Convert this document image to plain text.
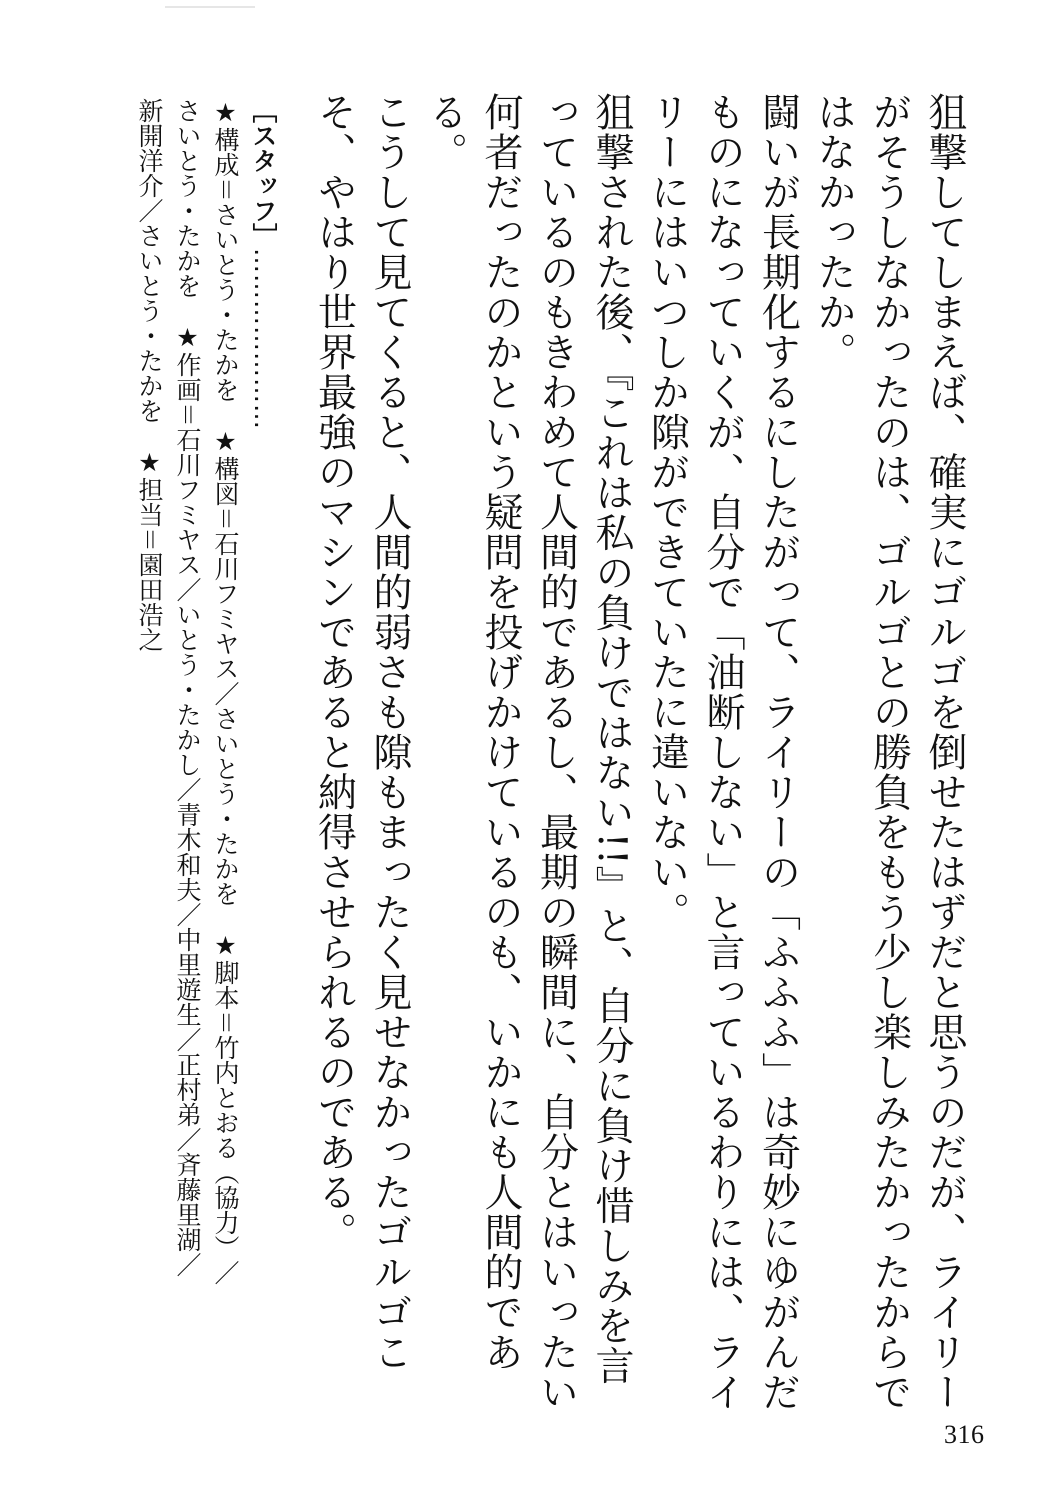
狙撃してしまえば、確実にゴルゴを倒せたはずだと思うのだが、ライリーがそうしなかったのは、ゴルゴとの勝負をもう少し楽しみたかったからではなかったか。

闘いが長期化するにしたがって、ライリーの「ふふふ」は奇妙にゆがんだものになっていくが、自分で「油断しない」と言っているわりには、ライリーにはいつしか隙ができていたに違いない。

狙撃された後、『これは私の負けではない!!』と、自分に負け惜しみを言っているのもきわめて人間的であるし、最期の瞬間に、自分とはいったい何者だったのかという疑問を投げかけているのも、いかにも人間的である。

こうして見てくると、人間的弱さも隙もまったく見せなかったゴルゴこそ、やはり世界最強のマシンであると納得させられるのである。

［スタッフ］…………………
★構成＝さいとう・たかを　★構図＝石川フミヤス／さいとう・たかを　★脚本＝竹内とおる（協力）／
さいとう・たかを　★作画＝石川フミヤス／いとう・たかし／青木和夫／中里遊生／正村弟／斉藤里湖／
新開洋介／さいとう・たかを　★担当＝園田浩之
316
